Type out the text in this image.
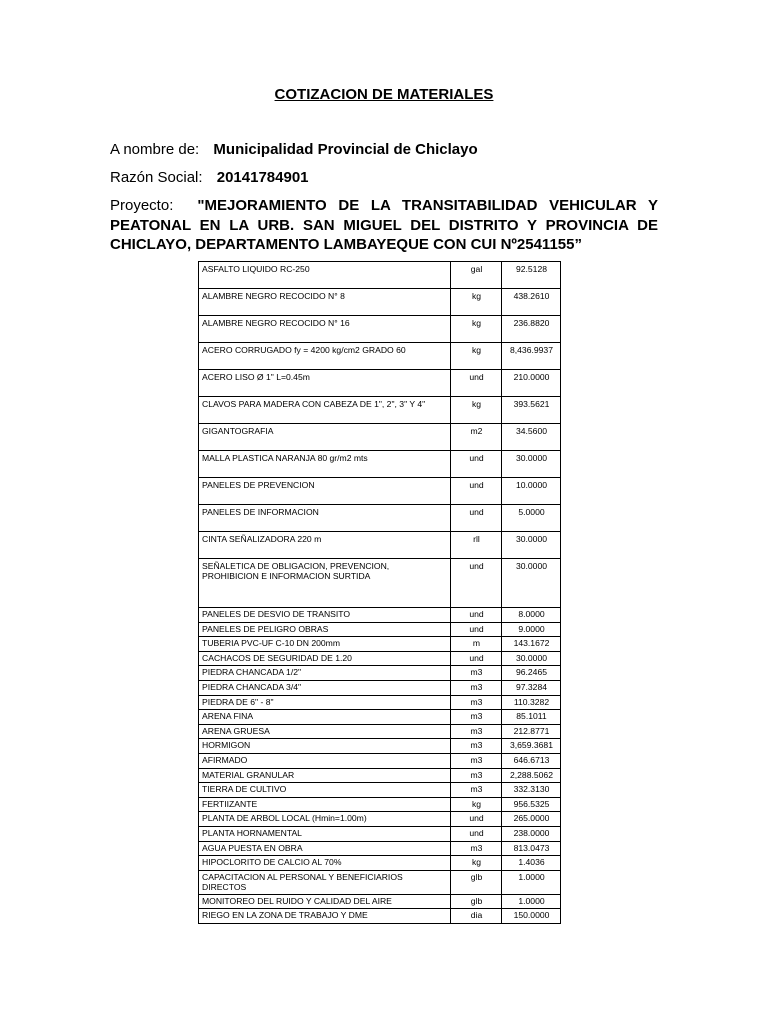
COTIZACION DE MATERIALES
A nombre de: Municipalidad Provincial de Chiclayo
Razón Social: 20141784901
Proyecto: "MEJORAMIENTO DE LA TRANSITABILIDAD VEHICULAR Y PEATONAL EN LA URB. SAN MIGUEL DEL DISTRITO Y PROVINCIA DE CHICLAYO, DEPARTAMENTO LAMBAYEQUE CON CUI Nº2541155”
ASFALTO LIQUIDO RC-250	gal	92.5128
ALAMBRE NEGRO RECOCIDO N° 8	kg	438.2610
ALAMBRE NEGRO RECOCIDO N° 16	kg	236.8820
ACERO CORRUGADO fy = 4200 kg/cm2 GRADO 60	kg	8,436.9937
ACERO LISO Ø 1" L=0.45m	und	210.0000
CLAVOS PARA MADERA CON CABEZA DE 1", 2", 3" Y 4"	kg	393.5621
GIGANTOGRAFIA	m2	34.5600
MALLA PLASTICA NARANJA 80 gr/m2 mts	und	30.0000
PANELES DE PREVENCION	und	10.0000
PANELES DE INFORMACION	und	5.0000
CINTA SEÑALIZADORA 220 m	rll	30.0000
SEÑALETICA DE OBLIGACION, PREVENCION, PROHIBICION E INFORMACION SURTIDA	und	30.0000
PANELES DE DESVIO DE TRANSITO	und	8.0000
PANELES DE PELIGRO OBRAS	und	9.0000
TUBERIA PVC-UF C-10 DN 200mm	m	143.1672
CACHACOS DE SEGURIDAD DE 1.20	und	30.0000
PIEDRA CHANCADA 1/2"	m3	96.2465
PIEDRA CHANCADA 3/4"	m3	97.3284
PIEDRA DE 6" - 8"	m3	110.3282
ARENA FINA	m3	85.1011
ARENA GRUESA	m3	212.8771
HORMIGON	m3	3,659.3681
AFIRMADO	m3	646.6713
MATERIAL GRANULAR	m3	2,288.5062
TIERRA DE CULTIVO	m3	332.3130
FERTIIZANTE	kg	956.5325
PLANTA DE ARBOL LOCAL (Hmin=1.00m)	und	265.0000
PLANTA HORNAMENTAL	und	238.0000
AGUA PUESTA EN OBRA	m3	813.0473
HIPOCLORITO DE CALCIO AL 70%	kg	1.4036
CAPACITACION AL PERSONAL Y BENEFICIARIOS DIRECTOS	glb	1.0000
MONITOREO DEL RUIDO Y CALIDAD DEL AIRE	glb	1.0000
RIEGO EN LA ZONA DE TRABAJO Y DME	dia	150.0000
